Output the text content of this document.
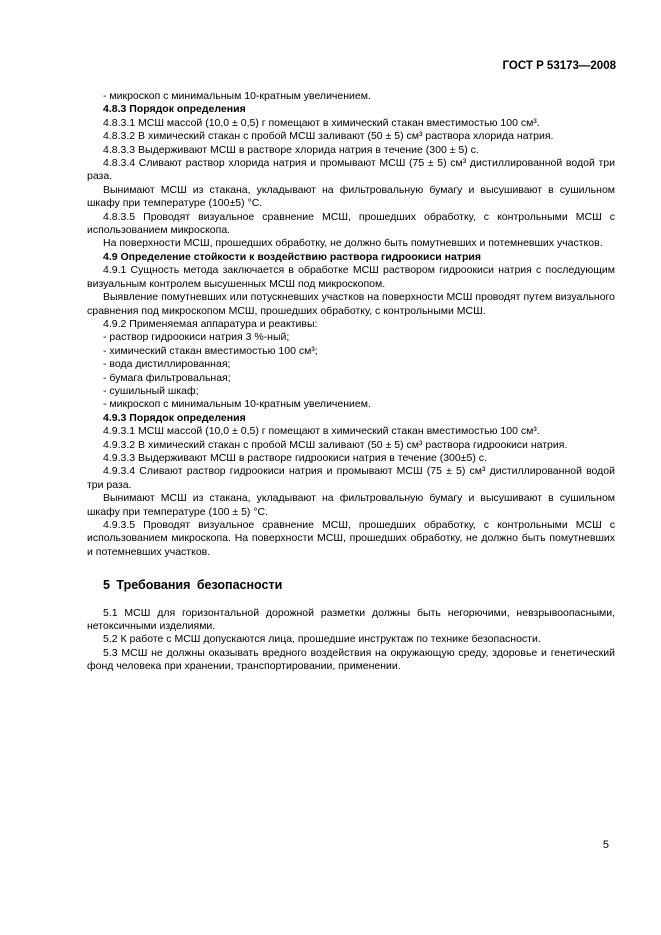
ГОСТ Р 53173—2008

- микроскоп с минимальным 10-кратным увеличением.

4.8.3 Порядок определения

4.8.3.1 МСШ массой (10,0 ± 0,5) г помещают в химический стакан вместимостью 100 см³.

4.8.3.2 В химический стакан с пробой МСШ заливают (50 ± 5) см³ раствора хлорида натрия.

4.8.3.3 Выдерживают МСШ в растворе хлорида натрия в течение (300 ± 5) с.

4.8.3.4 Сливают раствор хлорида натрия и промывают МСШ (75 ± 5) см³ дистиллированной водой три раза.

Вынимают МСШ из стакана, укладывают на фильтровальную бумагу и высушивают в сушильном шкафу при температуре (100±5) °С.

4.8.3.5 Проводят визуальное сравнение МСШ, прошедших обработку, с контрольными МСШ с использованием микроскопа.

На поверхности МСШ, прошедших обработку, не должно быть помутневших и потемневших участков.

4.9 Определение стойкости к воздействию раствора гидроокиси натрия

4.9.1 Сущность метода заключается в обработке МСШ раствором гидроокиси натрия с последующим визуальным контролем высушенных МСШ под микроскопом.

Выявление помутневших или потускневших участков на поверхности МСШ проводят путем визуального сравнения под микроскопом МСШ, прошедших обработку, с контрольными МСШ.

4.9.2 Применяемая аппаратура и реактивы:

- раствор гидроокиси натрия 3 %-ный;

- химический стакан вместимостью 100 см³;

- вода дистиллированная;

- бумага фильтровальная;

- сушильный шкаф;

- микроскоп с минимальным 10-кратным увеличением.

4.9.3 Порядок определения

4.9.3.1 МСШ массой (10,0 ± 0,5) г помещают в химический стакан вместимостью 100 см³.

4.9.3.2 В химический стакан с пробой МСШ заливают (50 ± 5) см³ раствора гидроокиси натрия.

4.9.3.3 Выдерживают МСШ в растворе гидроокиси натрия в течение (300±5) с.

4.9.3.4 Сливают раствор гидроокиси натрия и промывают МСШ (75 ± 5) см³ дистиллированной водой три раза.

Вынимают МСШ из стакана, укладывают на фильтровальную бумагу и высушивают в сушильном шкафу при температуре (100 ± 5) °С.

4.9.3.5 Проводят визуальное сравнение МСШ, прошедших обработку, с контрольными МСШ с использованием микроскопа. На поверхности МСШ, прошедших обработку, не должно быть помутневших и потемневших участков.

5 Требования безопасности

5.1 МСШ для горизонтальной дорожной разметки должны быть негорючими, невзрывоопасными, нетоксичными изделиями.

5.2 К работе с МСШ допускаются лица, прошедшие инструктаж по технике безопасности.

5.3 МСШ не должны оказывать вредного воздействия на окружающую среду, здоровье и генетический фонд человека при хранении, транспортировании, применении.

5
